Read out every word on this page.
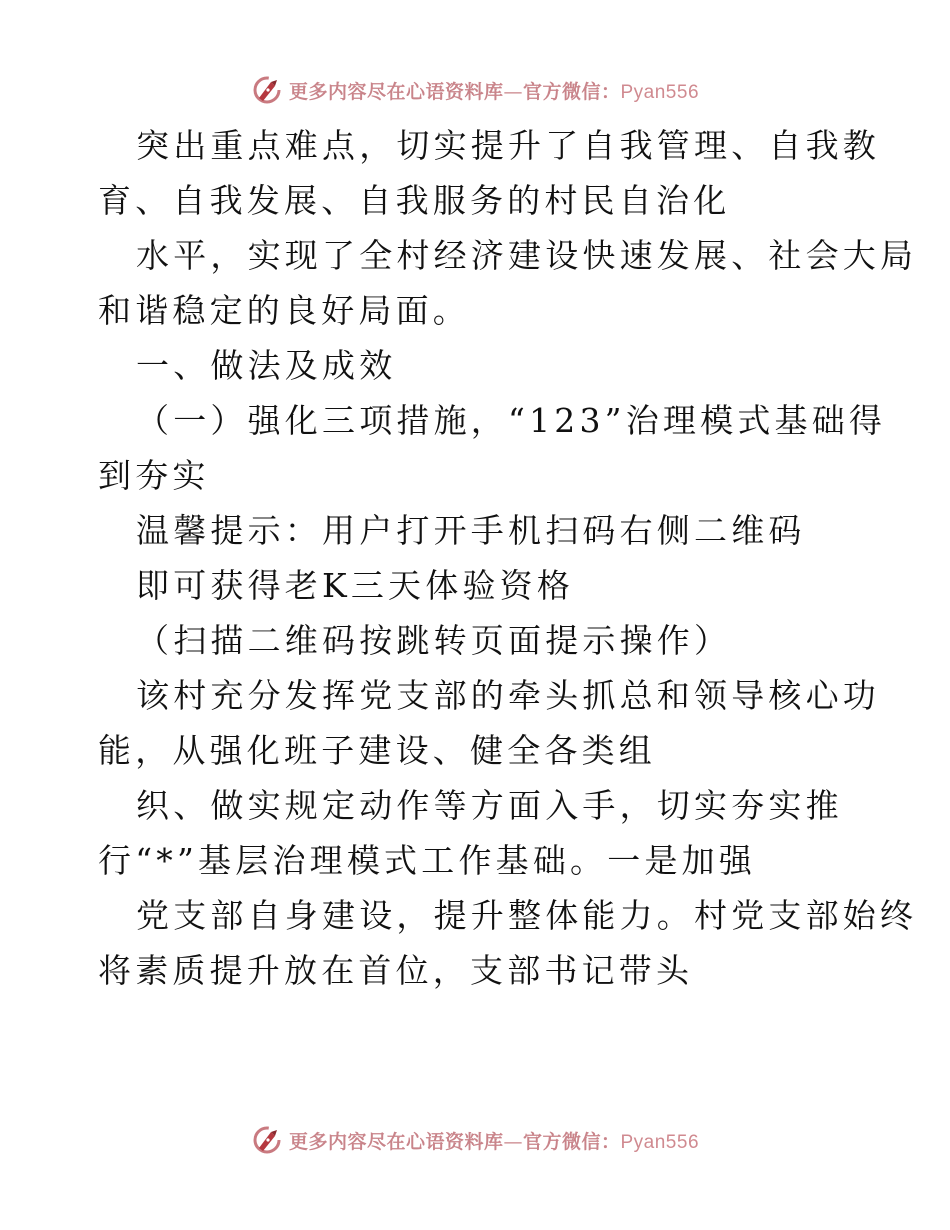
更多内容尽在心语资料库—官方微信：Pyan556
突出重点难点，切实提升了自我管理、自我教
育、自我发展、自我服务的村民自治化
水平，实现了全村经济建设快速发展、社会大局
和谐稳定的良好局面。
一、做法及成效
（一）强化三项措施，“123”治理模式基础得
到夯实
温馨提示：用户打开手机扫码右侧二维码
即可获得老K三天体验资格
（扫描二维码按跳转页面提示操作）
该村充分发挥党支部的牵头抓总和领导核心功
能，从强化班子建设、健全各类组
织、做实规定动作等方面入手，切实夯实推
行“*”基层治理模式工作基础。一是加强
党支部自身建设，提升整体能力。村党支部始终
将素质提升放在首位，支部书记带头
更多内容尽在心语资料库—官方微信：Pyan556
